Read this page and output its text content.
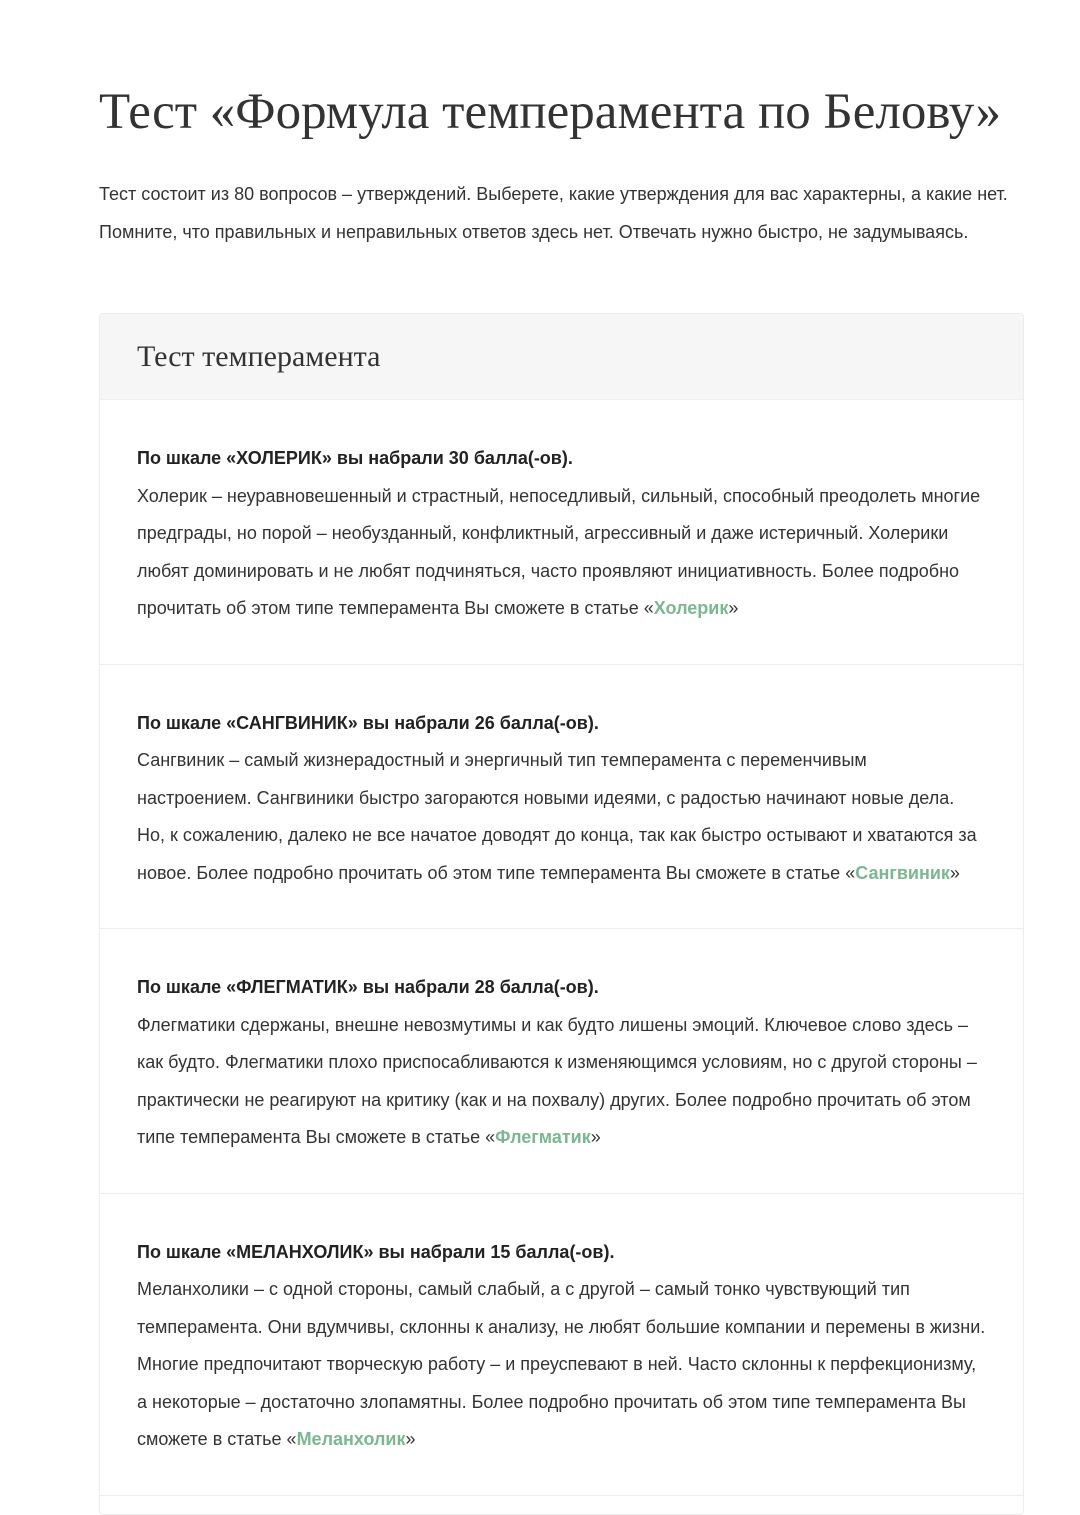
Тест «Формула темперамента по Белову»

Тест состоит из 80 вопросов – утверждений. Выберете, какие утверждения для вас характерны, а какие нет. Помните, что правильных и неправильных ответов здесь нет. Отвечать нужно быстро, не задумываясь.

Тест темперамента

По шкале «ХОЛЕРИК» вы набрали 30 балла(-ов).

Холерик – неуравновешенный и страстный, непоседливый, сильный, способный преодолеть многие предграды, но порой – необузданный, конфликтный, агрессивный и даже истеричный. Холерики любят доминировать и не любят подчиняться, часто проявляют инициативность. Более подробно прочитать об этом типе темперамента Вы сможете в статье «Холерик»

По шкале «САНГВИНИК» вы набрали 26 балла(-ов).

Сангвиник – самый жизнерадостный и энергичный тип темперамента с переменчивым настроением. Сангвиники быстро загораются новыми идеями, с радостью начинают новые дела. Но, к сожалению, далеко не все начатое доводят до конца, так как быстро остывают и хватаются за новое. Более подробно прочитать об этом типе темперамента Вы сможете в статье «Сангвиник»

По шкале «ФЛЕГМАТИК» вы набрали 28 балла(-ов).

Флегматики сдержаны, внешне невозмутимы и как будто лишены эмоций. Ключевое слово здесь – как будто. Флегматики плохо приспосабливаются к изменяющимся условиям, но с другой стороны – практически не реагируют на критику (как и на похвалу) других. Более подробно прочитать об этом типе темперамента Вы сможете в статье «Флегматик»

По шкале «МЕЛАНХОЛИК» вы набрали 15 балла(-ов).

Меланхолики – с одной стороны, самый слабый, а с другой – самый тонко чувствующий тип темперамента. Они вдумчивы, склонны к анализу, не любят большие компании и перемены в жизни. Многие предпочитают творческую работу – и преуспевают в ней. Часто склонны к перфекционизму, а некоторые – достаточно злопамятны. Более подробно прочитать об этом типе темперамента Вы сможете в статье «Меланхолик»
